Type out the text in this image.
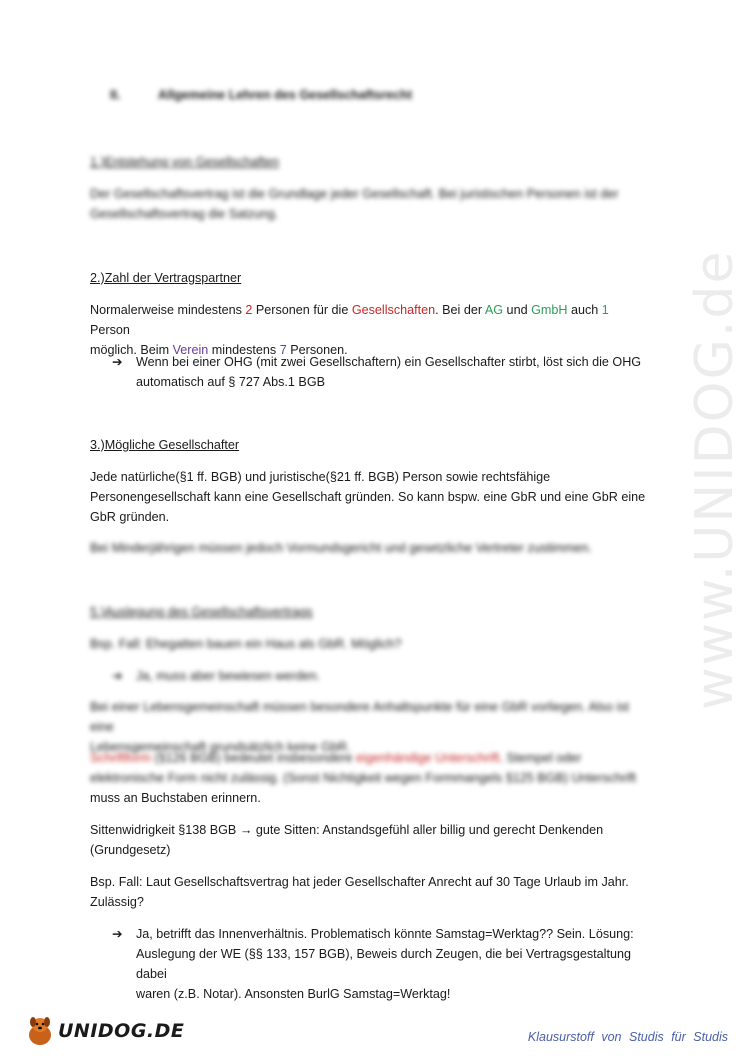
www.UNIDOG.de
II.	Allgemeine Lehren des Gesellschaftsrecht
1.)Entstehung von Gesellschaften
Der Gesellschaftsvertrag ist die Grundlage jeder Gesellschaft. Bei juristischen Personen ist der
Gesellschaftsvertrag die Satzung.
2.)Zahl der Vertragspartner
Normalerweise mindestens 2 Personen für die Gesellschaften. Bei der AG und GmbH auch 1 Person
möglich. Beim Verein mindestens 7 Personen.
➔ Wenn bei einer OHG (mit zwei Gesellschaftern) ein Gesellschafter stirbt, löst sich die OHG
automatisch auf § 727 Abs.1 BGB
3.)Mögliche Gesellschafter
Jede natürliche(§1 ff. BGB) und juristische(§21 ff. BGB) Person sowie rechtsfähige
Personengesellschaft kann eine Gesellschaft gründen. So kann bspw. eine GbR und eine GbR eine
GbR gründen.
Bei Minderjährigen müssen jedoch Vormundsgericht und gesetzliche Vertreter zustimmen.
5.)Auslegung des Gesellschaftsvertrags
Bsp. Fall: Ehegatten bauen ein Haus als GbR. Möglich?
➔ Ja, muss aber bewiesen werden.
Bei einer Lebensgemeinschaft müssen besondere Anhaltspunkte für eine GbR vorliegen. Also ist eine
Lebensgemeinschaft grundsätzlich keine GbR.
Schriftform (§126 BGB) bedeutet insbesondere eigenhändige Unterschrift. Stempel oder
elektronische Form nicht zulässig. (Sonst Nichtigkeit wegen Formmangels §125 BGB) Unterschrift
muss an Buchstaben erinnern.
Sittenwidrigkeit §138 BGB → gute Sitten: Anstandsgefühl aller billig und gerecht Denkenden
(Grundgesetz)
Bsp. Fall: Laut Gesellschaftsvertrag hat jeder Gesellschafter Anrecht auf 30 Tage Urlaub im Jahr.
Zulässig?
➔ Ja, betrifft das Innenverhältnis. Problematisch könnte Samstag=Werktag?? Sein. Lösung:
Auslegung der WE (§§ 133, 157 BGB), Beweis durch Zeugen, die bei Vertragsgestaltung dabei
waren (z.B. Notar). Ansonsten BurlG Samstag=Werktag!
UNIDOG.DE	Klausurstoff von Studis für Studis
